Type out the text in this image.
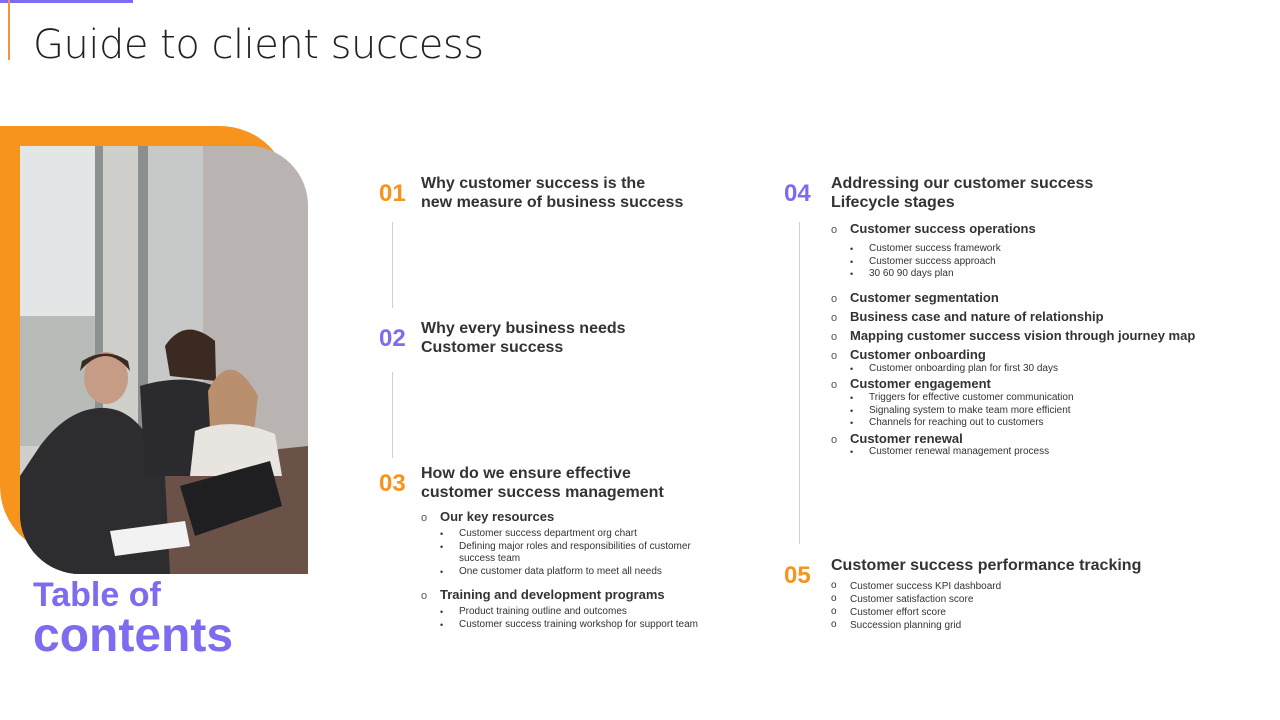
Guide to client success
Table of
contents
01 Why customer success is the
new measure of business success
02 Why every business needs
Customer success
03 How do we ensure effective
customer success management
o Our key resources
• Customer success department org chart
• Defining major roles and responsibilities of customer
success team
• One customer data platform to meet all needs
o Training and development programs
• Product training outline and outcomes
• Customer success training workshop for support team
04 Addressing our customer success
Lifecycle stages
o Customer success operations
• Customer success framework
• Customer success approach
• 30 60 90 days plan
o Customer segmentation
o Business case and nature of relationship
o Mapping customer success vision through journey map
o Customer onboarding
• Customer onboarding plan for first 30 days
o Customer engagement
• Triggers for effective customer communication
• Signaling system to make team more efficient
• Channels for reaching out to customers
o Customer renewal
• Customer renewal management process
05 Customer success performance tracking
o Customer success KPI dashboard
o Customer satisfaction score
o Customer effort score
o Succession planning grid
